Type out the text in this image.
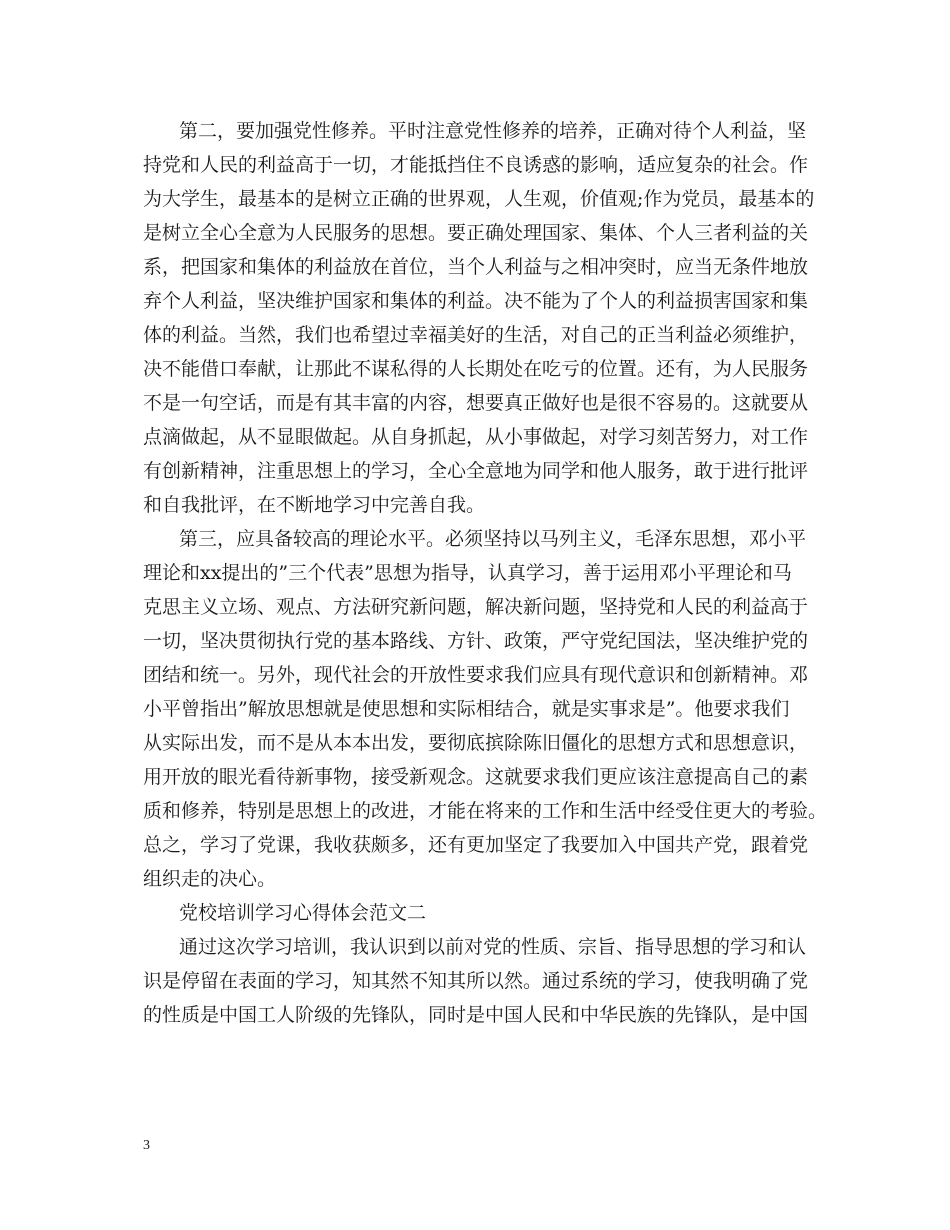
第二，要加强党性修养。平时注意党性修养的培养，正确对待个人利益，坚
持党和人民的利益高于一切，才能抵挡住不良诱惑的影响，适应复杂的社会。作
为大学生，最基本的是树立正确的世界观，人生观，价值观;作为党员，最基本的
是树立全心全意为人民服务的思想。要正确处理国家、集体、个人三者利益的关
系，把国家和集体的利益放在首位，当个人利益与之相冲突时，应当无条件地放
弃个人利益，坚决维护国家和集体的利益。决不能为了个人的利益损害国家和集
体的利益。当然，我们也希望过幸福美好的生活，对自己的正当利益必须维护，
决不能借口奉献，让那此不谋私得的人长期处在吃亏的位置。还有，为人民服务
不是一句空话，而是有其丰富的内容，想要真正做好也是很不容易的。这就要从
点滴做起，从不显眼做起。从自身抓起，从小事做起，对学习刻苦努力，对工作
有创新精神，注重思想上的学习，全心全意地为同学和他人服务，敢于进行批评
和自我批评，在不断地学习中完善自我。
第三，应具备较高的理论水平。必须坚持以马列主义，毛泽东思想，邓小平
理论和xx提出的”三个代表”思想为指导，认真学习，善于运用邓小平理论和马
克思主义立场、观点、方法研究新问题，解决新问题，坚持党和人民的利益高于
一切，坚决贯彻执行党的基本路线、方针、政策，严守党纪国法，坚决维护党的
团结和统一。另外，现代社会的开放性要求我们应具有现代意识和创新精神。邓
小平曾指出”解放思想就是使思想和实际相结合，就是实事求是”。他要求我们
从实际出发，而不是从本本出发，要彻底摈除陈旧僵化的思想方式和思想意识，
用开放的眼光看待新事物，接受新观念。这就要求我们更应该注意提高自己的素
质和修养，特别是思想上的改进，才能在将来的工作和生活中经受住更大的考验。
总之，学习了党课，我收获颇多，还有更加坚定了我要加入中国共产党，跟着党
组织走的决心。
党校培训学习心得体会范文二
通过这次学习培训，我认识到以前对党的性质、宗旨、指导思想的学习和认
识是停留在表面的学习，知其然不知其所以然。通过系统的学习，使我明确了党
的性质是中国工人阶级的先锋队，同时是中国人民和中华民族的先锋队，是中国
3
